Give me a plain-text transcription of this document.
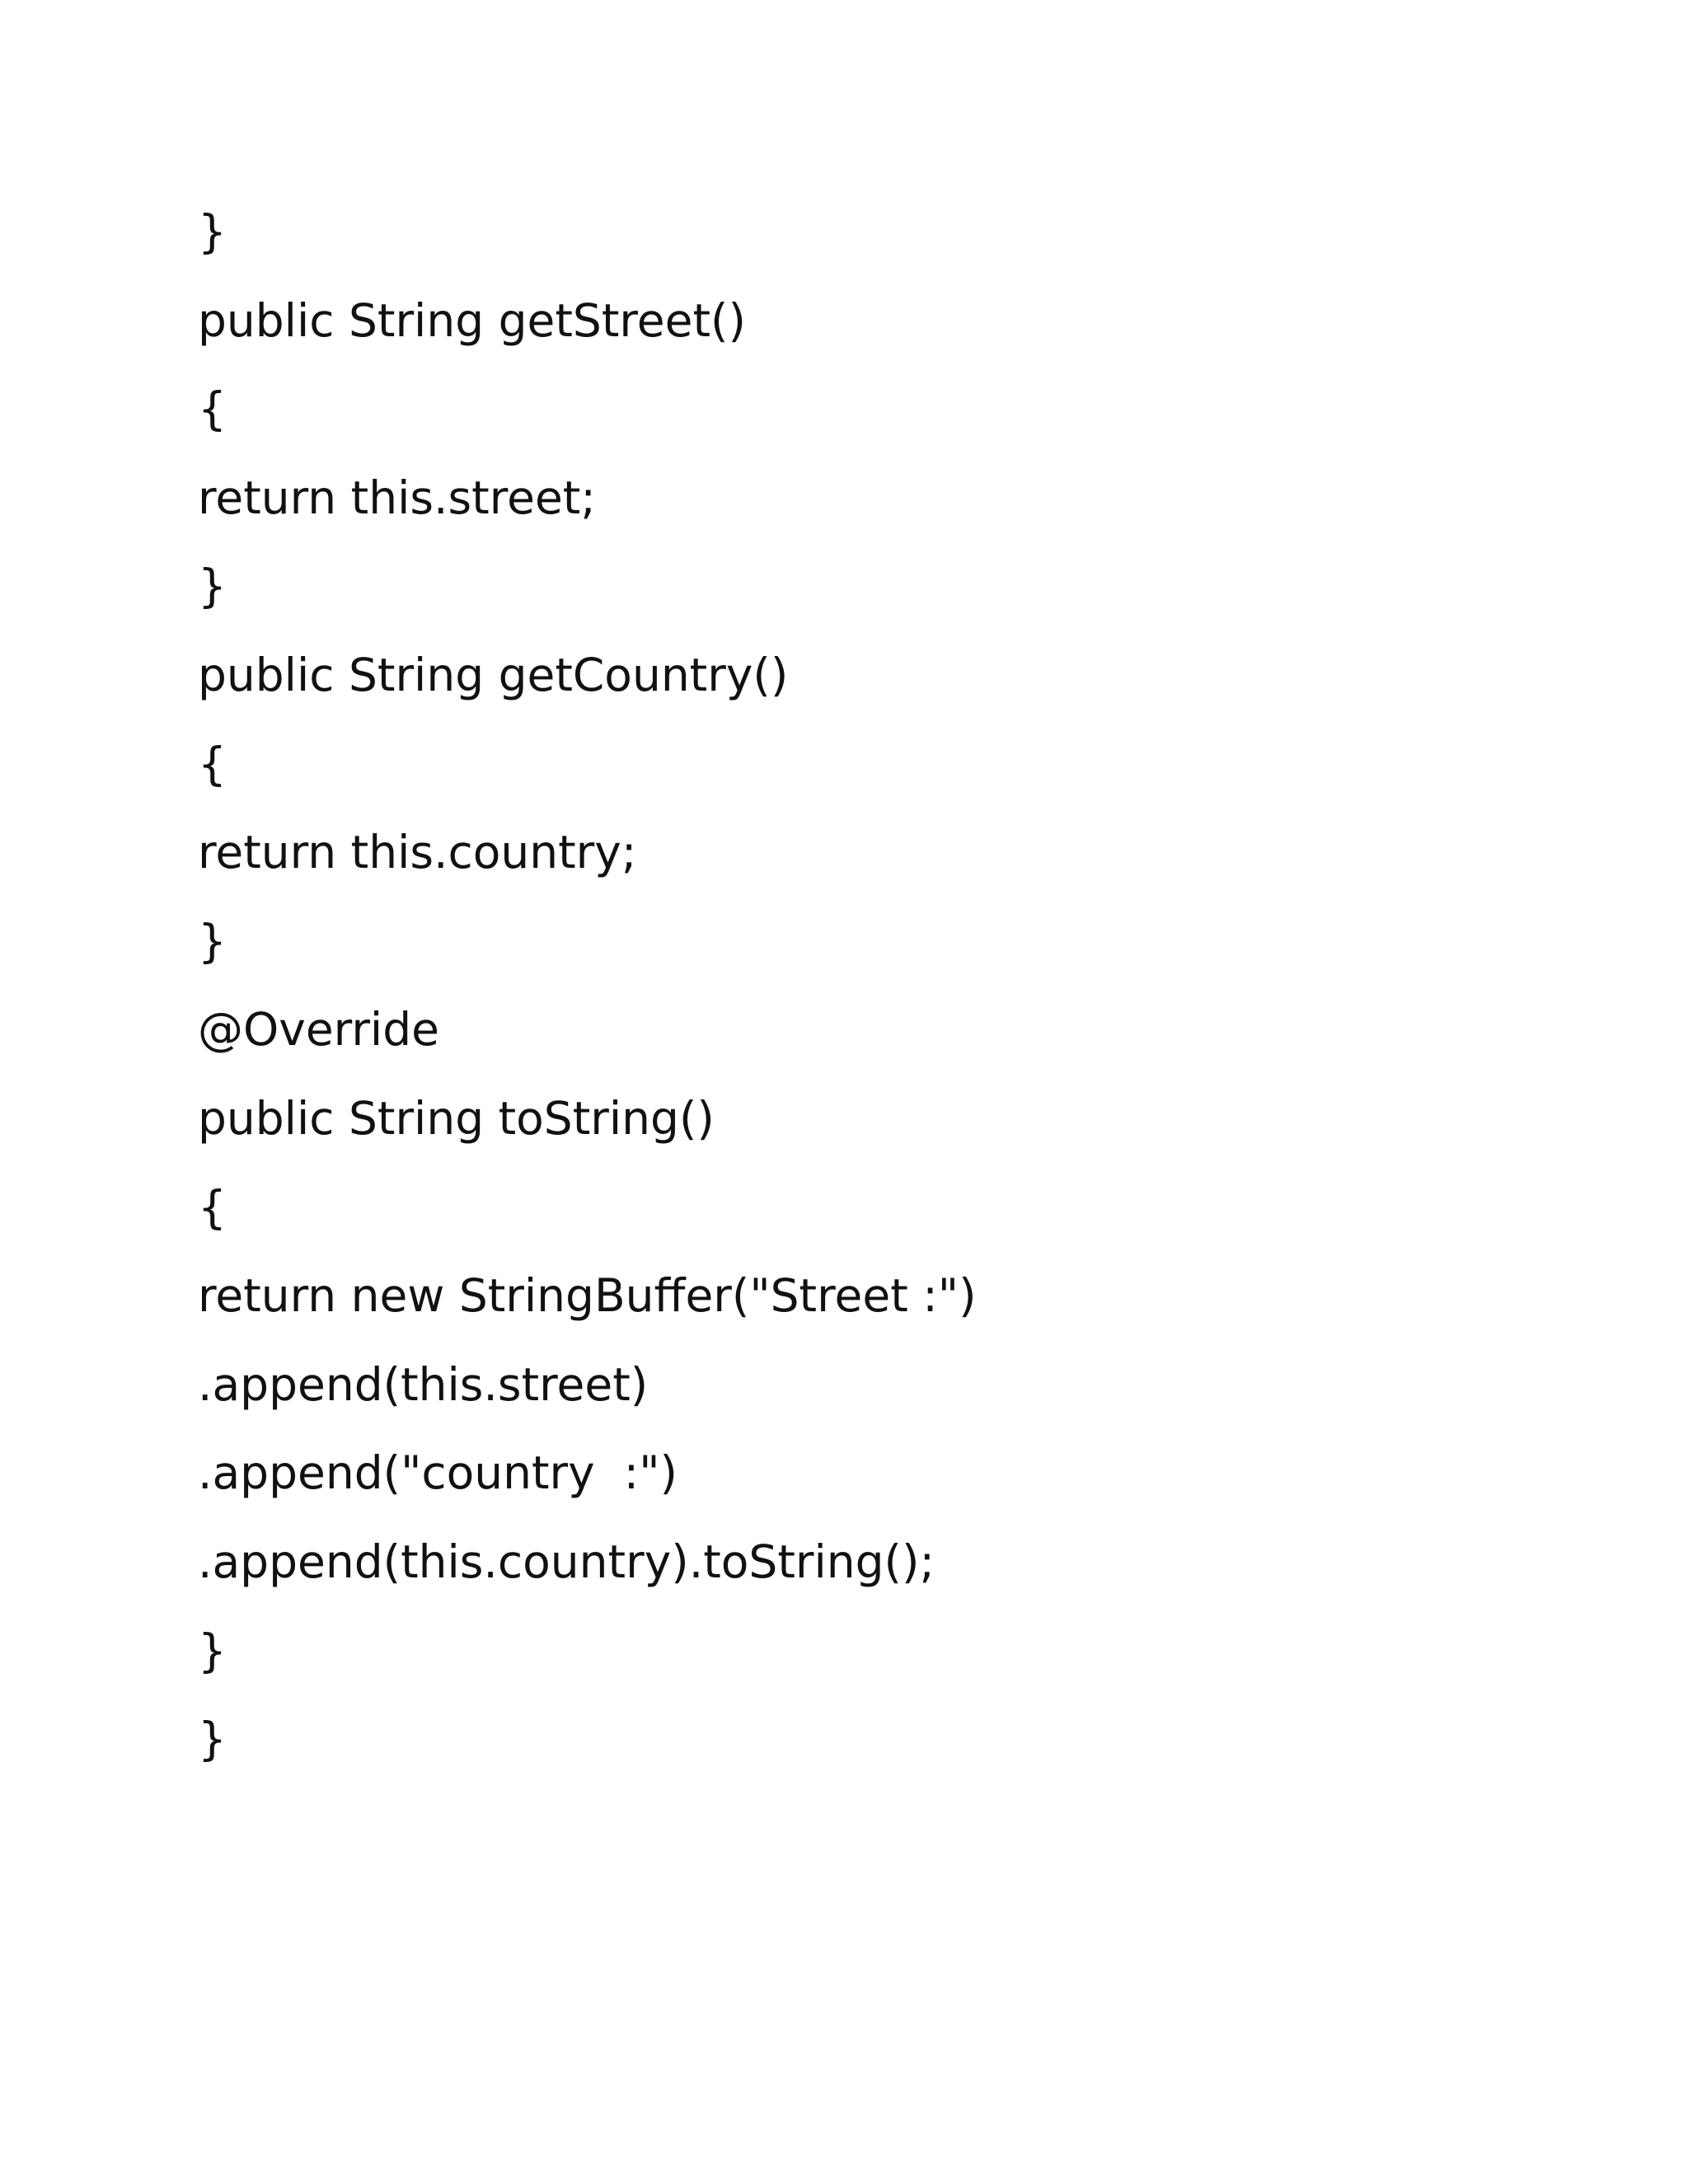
}
public String getStreet()
{
return this.street;
}
public String getCountry()
{
return this.country;
}
@Override
public String toString()
{
return new StringBuffer("Street :")
.append(this.street)
.append("country  :")
.append(this.country).toString();
}
}
